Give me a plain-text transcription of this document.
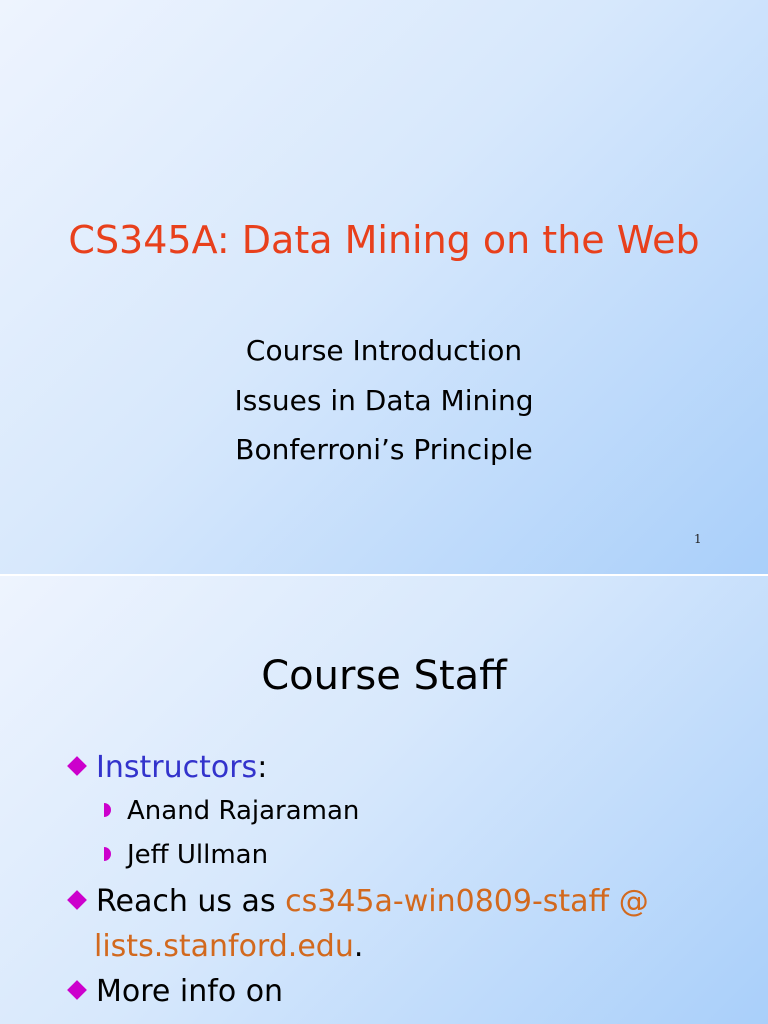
CS345A: Data Mining on the Web
Course Introduction
Issues in Data Mining
Bonferroni’s Principle
1
Course Staff
Instructors:
Anand Rajaraman
Jeff Ullman
Reach us as cs345a-win0809-staff @
lists.stanford.edu.
More info on
